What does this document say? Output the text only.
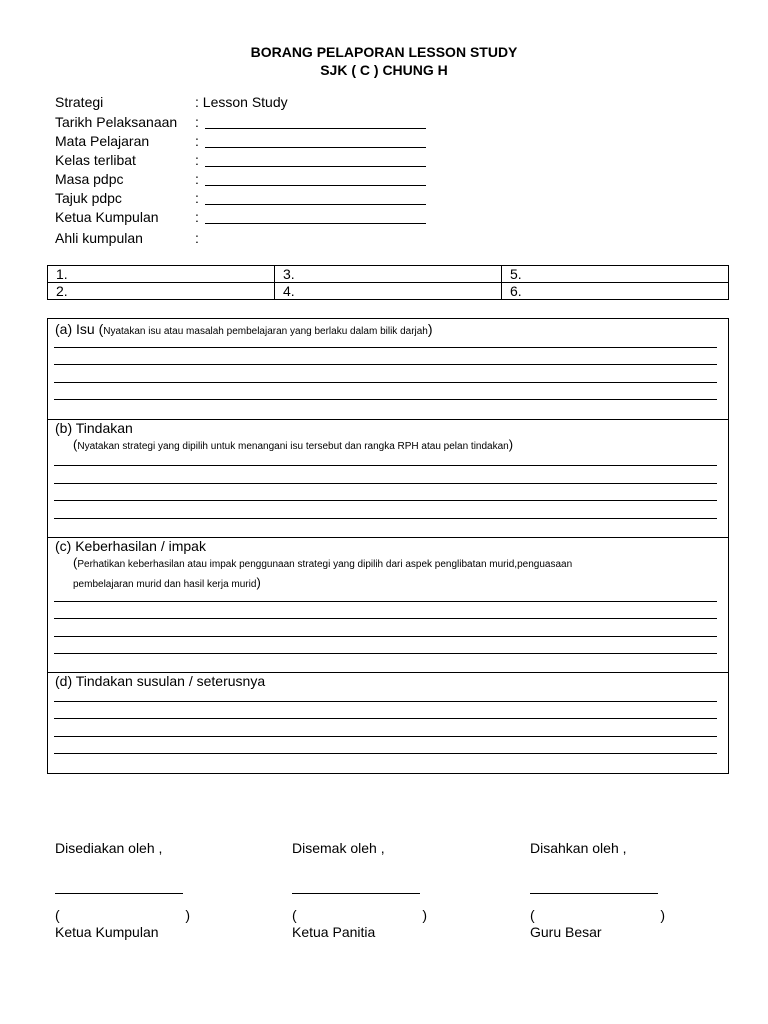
BORANG PELAPORAN LESSON STUDY
SJK ( C ) CHUNG H
Strategi	: Lesson Study
Tarikh Pelaksanaan :
Mata Pelajaran	:
Kelas terlibat	:
Masa pdpc	:
Tajuk pdpc	:
Ketua Kumpulan	:
Ahli kumpulan	:
1.	3.	5.
2.	4.	6.
(a) Isu (Nyatakan isu atau masalah pembelajaran yang berlaku dalam bilik darjah)
(b) Tindakan
(Nyatakan strategi yang dipilih untuk menangani isu tersebut dan rangka RPH atau pelan tindakan)
(c) Keberhasilan / impak
(Perhatikan keberhasilan atau impak penggunaan strategi yang dipilih dari aspek penglibatan murid,penguasaan
pembelajaran murid dan hasil kerja murid)
(d) Tindakan susulan / seterusnya
Disediakan oleh ,
(	)
Ketua Kumpulan
Disemak oleh ,
(	)
Ketua Panitia
Disahkan oleh ,
(	)
Guru Besar
